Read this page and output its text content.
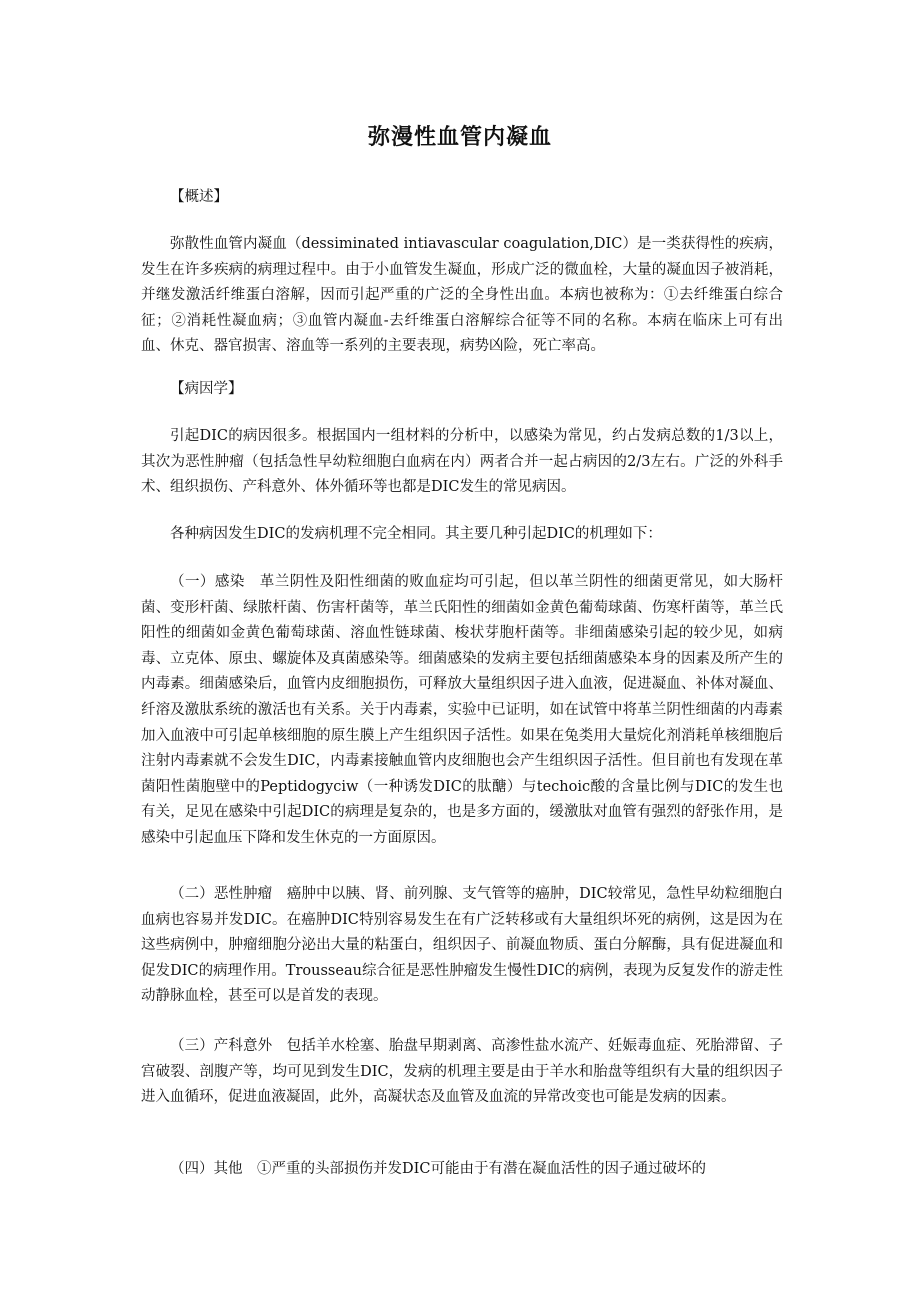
弥漫性血管内凝血
【概述】

弥散性血管内凝血（dessiminated intiavascular coagulation,DIC）是一类获得性的疾病，发生在许多疾病的病理过程中。由于小血管发生凝血，形成广泛的微血栓，大量的凝血因子被消耗，并继发激活纤维蛋白溶解，因而引起严重的广泛的全身性出血。本病也被称为：①去纤维蛋白综合征；②消耗性凝血病；③血管内凝血-去纤维蛋白溶解综合征等不同的名称。本病在临床上可有出血、休克、器官损害、溶血等一系列的主要表现，病势凶险，死亡率高。

【病因学】

引起DIC的病因很多。根据国内一组材料的分析中，以感染为常见，约占发病总数的1/3以上，其次为恶性肿瘤（包括急性早幼粒细胞白血病在内）两者合并一起占病因的2/3左右。广泛的外科手术、组织损伤、产科意外、体外循环等也都是DIC发生的常见病因。

各种病因发生DIC的发病机理不完全相同。其主要几种引起DIC的机理如下：

（一）感染　革兰阴性及阳性细菌的败血症均可引起，但以革兰阴性的细菌更常见，如大肠杆菌、变形杆菌、绿脓杆菌、伤害杆菌等，革兰氏阳性的细菌如金黄色葡萄球菌、伤寒杆菌等，革兰氏阳性的细菌如金黄色葡萄球菌、溶血性链球菌、梭状芽胞杆菌等。非细菌感染引起的较少见，如病毒、立克体、原虫、螺旋体及真菌感染等。细菌感染的发病主要包括细菌感染本身的因素及所产生的内毒素。细菌感染后，血管内皮细胞损伤，可释放大量组织因子进入血液，促进凝血、补体对凝血、纤溶及激肽系统的激活也有关系。关于内毒素，实验中已证明，如在试管中将革兰阴性细菌的内毒素加入血液中可引起单核细胞的原生膜上产生组织因子活性。如果在兔类用大量烷化剂消耗单核细胞后注射内毒素就不会发生DIC，内毒素接触血管内皮细胞也会产生组织因子活性。但目前也有发现在革菌阳性菌胞壁中的Peptidogyciw（一种诱发DIC的肽醣）与techoic酸的含量比例与DIC的发生也有关，足见在感染中引起DIC的病理是复杂的，也是多方面的，缓激肽对血管有强烈的舒张作用，是感染中引起血压下降和发生休克的一方面原因。

（二）恶性肿瘤　癌肿中以胰、肾、前列腺、支气管等的癌肿，DIC较常见，急性早幼粒细胞白血病也容易并发DIC。在癌肿DIC特别容易发生在有广泛转移或有大量组织坏死的病例，这是因为在这些病例中，肿瘤细胞分泌出大量的粘蛋白，组织因子、前凝血物质、蛋白分解酶，具有促进凝血和促发DIC的病理作用。Trousseau综合征是恶性肿瘤发生慢性DIC的病例，表现为反复发作的游走性动静脉血栓，甚至可以是首发的表现。

（三）产科意外　包括羊水栓塞、胎盘早期剥离、高渗性盐水流产、妊娠毒血症、死胎滞留、子宫破裂、剖腹产等，均可见到发生DIC，发病的机理主要是由于羊水和胎盘等组织有大量的组织因子进入血循环，促进血液凝固，此外，高凝状态及血管及血流的异常改变也可能是发病的因素。

（四）其他　①严重的头部损伤并发DIC可能由于有潜在凝血活性的因子通过破坏的
